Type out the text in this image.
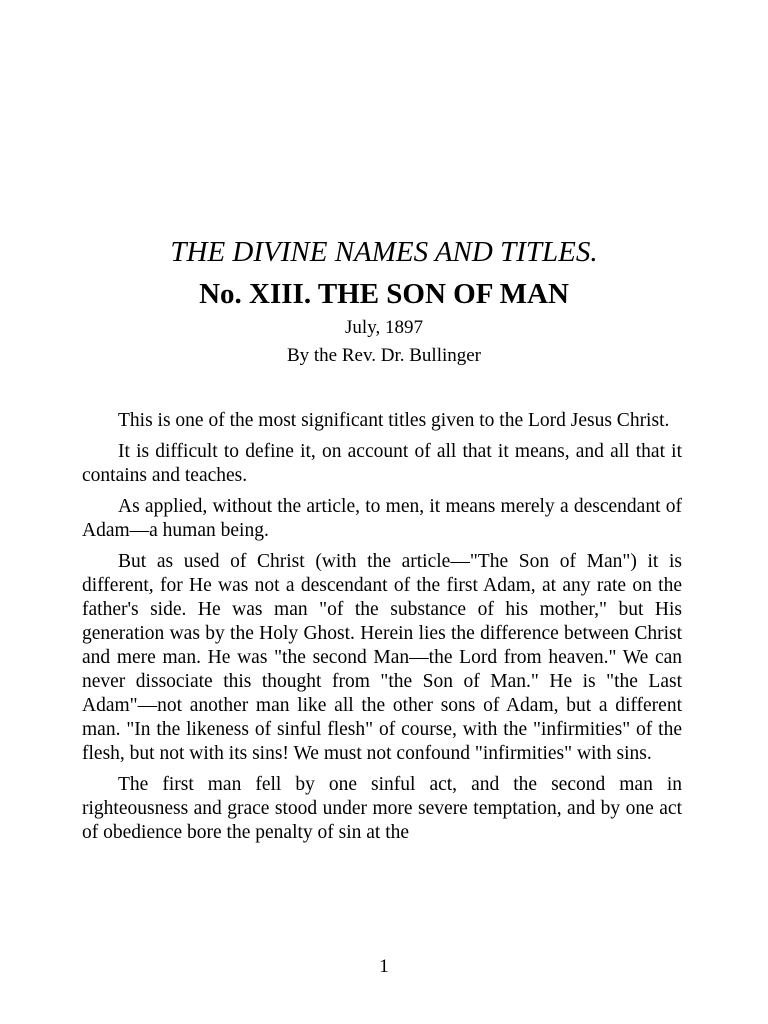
THE DIVINE NAMES AND TITLES.
No. XIII. THE SON OF MAN
July, 1897
By the Rev. Dr. Bullinger

This is one of the most significant titles given to the Lord Jesus Christ.

It is difficult to define it, on account of all that it means, and all that it contains and teaches.

As applied, without the article, to men, it means merely a descendant of Adam—a human being.

But as used of Christ (with the article—"The Son of Man") it is different, for He was not a descendant of the first Adam, at any rate on the father's side. He was man "of the substance of his mother," but His generation was by the Holy Ghost. Herein lies the difference between Christ and mere man. He was "the second Man—the Lord from heaven." We can never dissociate this thought from "the Son of Man." He is "the Last Adam"—not another man like all the other sons of Adam, but a different man. "In the likeness of sinful flesh" of course, with the "infirmities" of the flesh, but not with its sins! We must not confound "infirmities" with sins.

The first man fell by one sinful act, and the second man in righteousness and grace stood under more severe temptation, and by one act of obedience bore the penalty of sin at the

1
